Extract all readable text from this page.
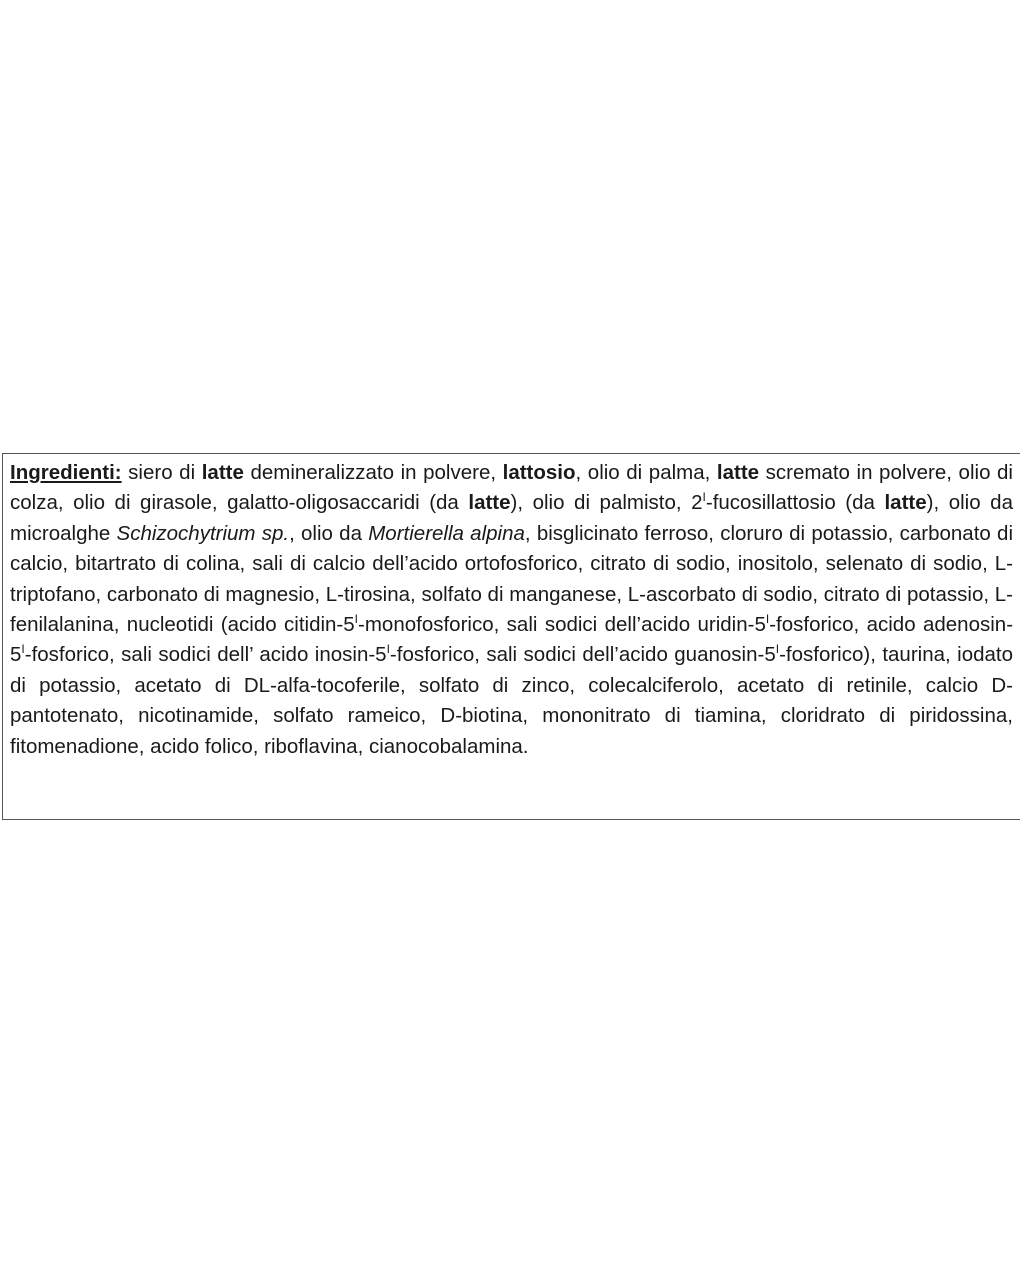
Ingredienti: siero di latte demineralizzato in polvere, lattosio, olio di palma, latte scremato in polvere, olio di colza, olio di girasole, galatto-oligosaccaridi (da latte), olio di palmisto, $2^I$-fucosillattosio (da latte), olio da microalghe Schizochytrium sp., olio da Mortierella alpina, bisglicinato ferroso, cloruro di potassio, carbonato di calcio, bitartrato di colina, sali di calcio dell’acido ortofosforico, citrato di sodio, inositolo, selenato di sodio, L- triptofano, carbonato di magnesio, L-tirosina, solfato di manganese, L-ascorbato di sodio, citrato di potassio, L-fenilalanina, nucleotidi (acido citidin-$5^I$-monofosforico, sali sodici dell’acido uridin-$5^I$-fosforico, acido adenosin-$5^I$-fosforico, sali sodici dell’ acido inosin-$5^I$-fosforico, sali sodici dell’acido guanosin-$5^I-fosforico$), taurina, iodato di potassio, acetato di DL-alfa-tocoferile, solfato di zinco, colecalciferolo, acetato di retinile, calcio D- pantotenato, nicotinamide, solfato rameico, D-biotina, mononitrato di tiamina, cloridrato di piridossina, fitomenadione, acido folico, riboflavina, cianocobalamina.
